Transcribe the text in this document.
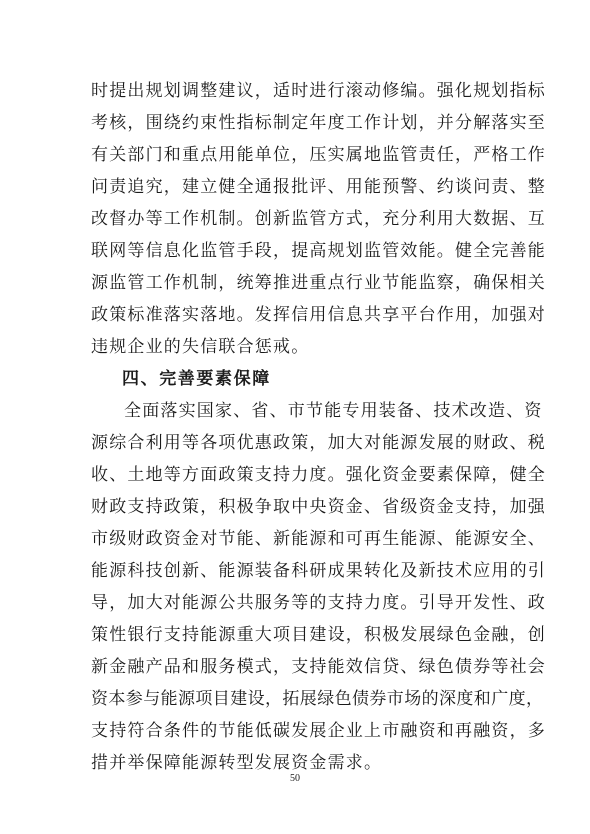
时提出规划调整建议，适时进行滚动修编。强化规划指标
考核，围绕约束性指标制定年度工作计划，并分解落实至
有关部门和重点用能单位，压实属地监管责任，严格工作
问责追究，建立健全通报批评、用能预警、约谈问责、整
改督办等工作机制。创新监管方式，充分利用大数据、互
联网等信息化监管手段，提高规划监管效能。健全完善能
源监管工作机制，统筹推进重点行业节能监察，确保相关
政策标准落实落地。发挥信用信息共享平台作用，加强对
违规企业的失信联合惩戒。
四、完善要素保障
全面落实国家、省、市节能专用装备、技术改造、资
源综合利用等各项优惠政策，加大对能源发展的财政、税
收、土地等方面政策支持力度。强化资金要素保障，健全
财政支持政策，积极争取中央资金、省级资金支持，加强
市级财政资金对节能、新能源和可再生能源、能源安全、
能源科技创新、能源装备科研成果转化及新技术应用的引
导，加大对能源公共服务等的支持力度。引导开发性、政
策性银行支持能源重大项目建设，积极发展绿色金融，创
新金融产品和服务模式，支持能效信贷、绿色债券等社会
资本参与能源项目建设，拓展绿色债券市场的深度和广度，
支持符合条件的节能低碳发展企业上市融资和再融资，多
措并举保障能源转型发展资金需求。
50
